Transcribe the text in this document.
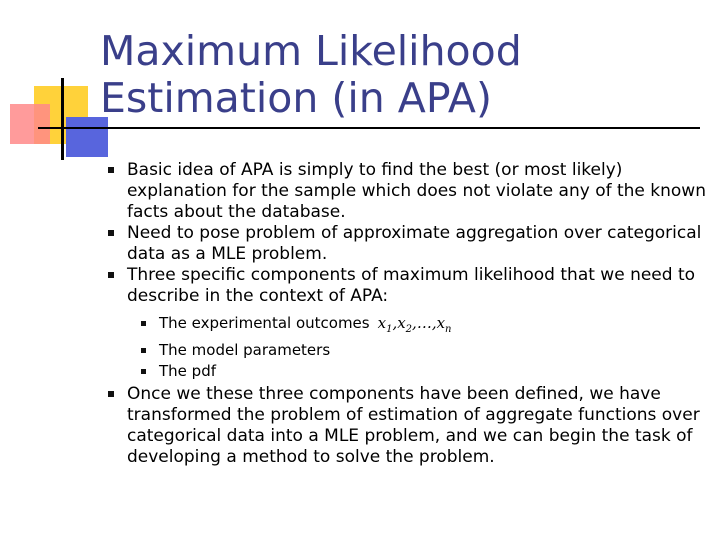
Maximum Likelihood
Estimation (in APA)
Basic idea of APA is simply to find the best (or most likely) explanation for the sample which does not violate any of the known facts about the database.
Need to pose problem of approximate aggregation over categorical data as a MLE problem.
Three specific components of maximum likelihood that we need to describe in the context of APA:
The experimental outcomes $x_1,x_2,\dots,x_n$
The model parameters
The pdf
Once we these three components have been defined, we have transformed the problem of estimation of aggregate functions over categorical data into a MLE problem, and we can begin the task of developing a method to solve the problem.
